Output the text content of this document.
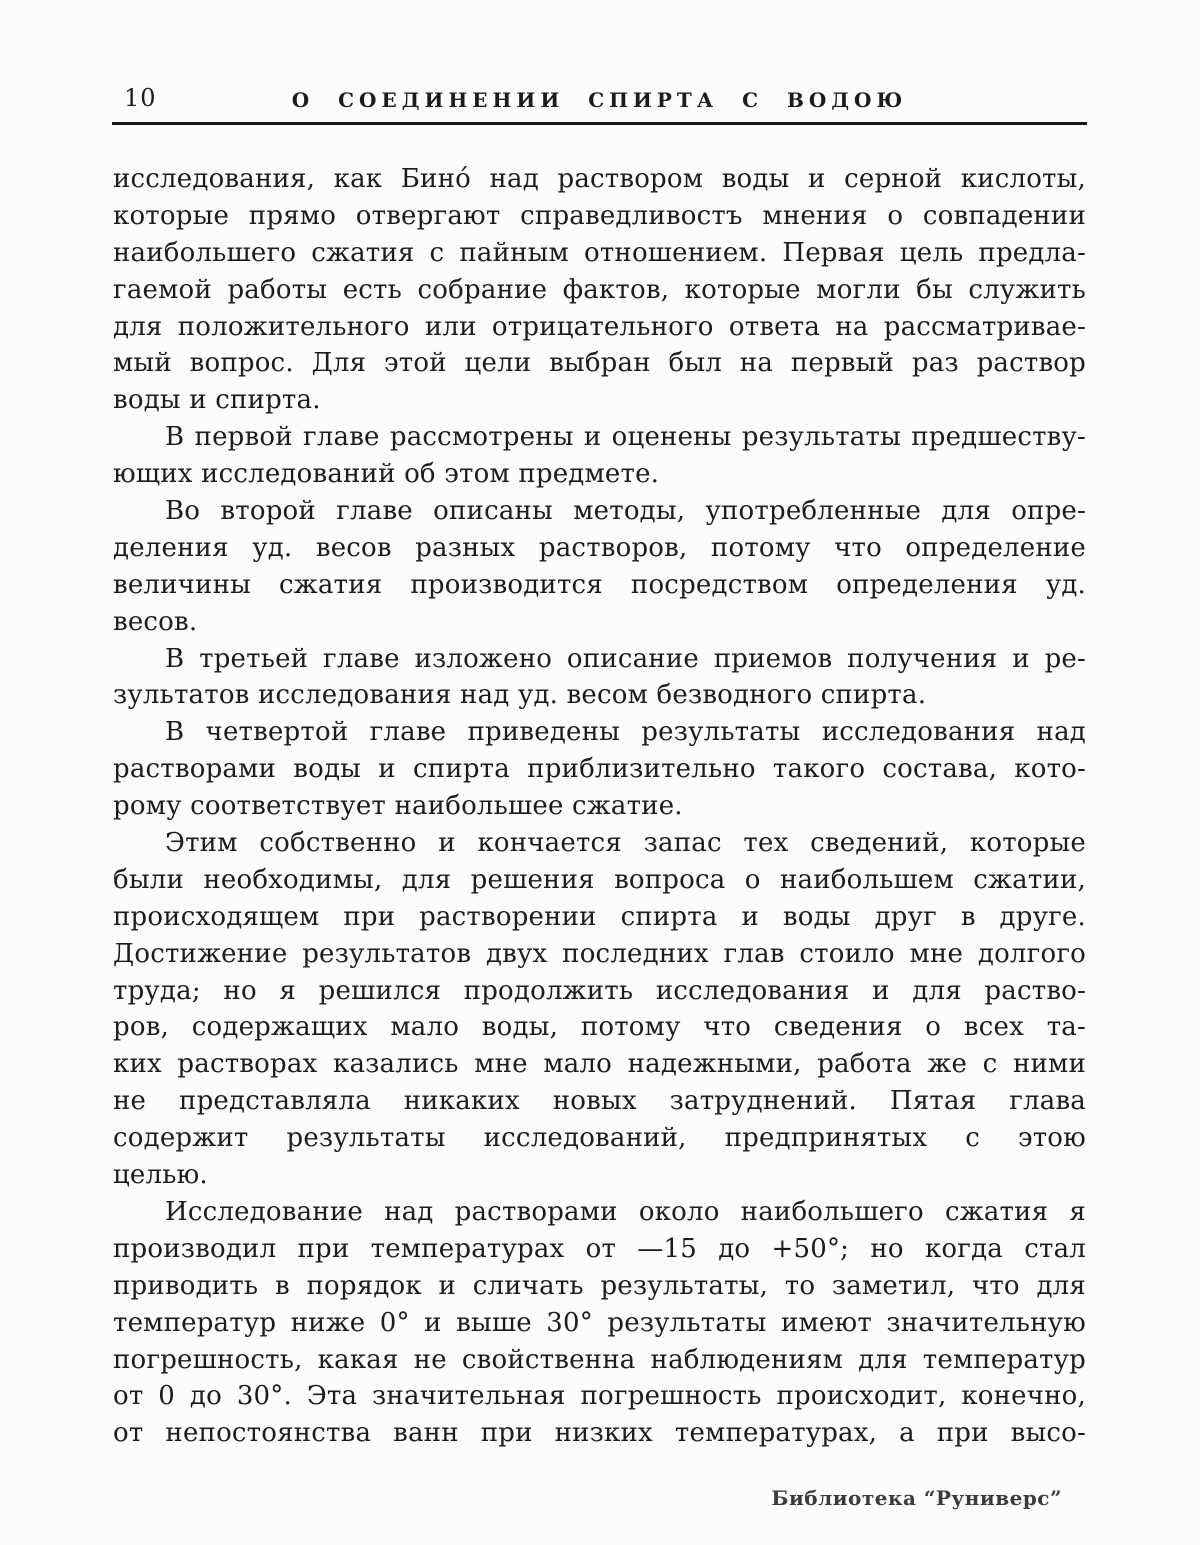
10	О СОЕДИНЕНИИ СПИРТА С ВОДОЮ
исследования, как Бино́ над раствором воды и серной кислоты,
которые прямо отвергают справедливостъ мнения о совпадении
наибольшего сжатия с пайным отношением. Первая цель предла-
гаемой работы есть собрание фактов, которые могли бы служить
для положительного или отрицательного ответа на рассматривае-
мый вопрос. Для этой цели выбран был на первый раз раствор
воды и спирта.
В первой главе рассмотрены и оценены результаты предшеству-
ющих исследований об этом предмете.
Во второй главе описаны методы, употребленные для опре-
деления уд. весов разных растворов, потому что определение
величины сжатия производится посредством определения уд.
весов.
В третьей главе изложено описание приемов получения и ре-
зультатов исследования над уд. весом безводного спирта.
В четвертой главе приведены результаты исследования над
растворами воды и спирта приблизительно такого состава, кото-
рому соответствует наибольшее сжатие.
Этим собственно и кончается запас тех сведений, которые
были необходимы, для решения вопроса о наибольшем сжатии,
происходящем при растворении спирта и воды друг в друге.
Достижение результатов двух последних глав стоило мне долгого
труда; но я решился продолжить исследования и для раство-
ров, содержащих мало воды, потому что сведения о всех та-
ких растворах казались мне мало надежными, работа же с ними
не представляла никаких новых затруднений. Пятая глава
содержит результаты исследований, предпринятых с этою
целью.
Исследование над растворами около наибольшего сжатия я
производил при температурах от —15 до +50°; но когда стал
приводить в порядок и сличать результаты, то заметил, что для
температур ниже 0° и выше 30° результаты имеют значительную
погрешность, какая не свойственна наблюдениям для температур
от 0 до 30°. Эта значительная погрешность происходит, конечно,
от непостоянства ванн при низких температурах, а при высо-
Библиотека “Руниверс”
